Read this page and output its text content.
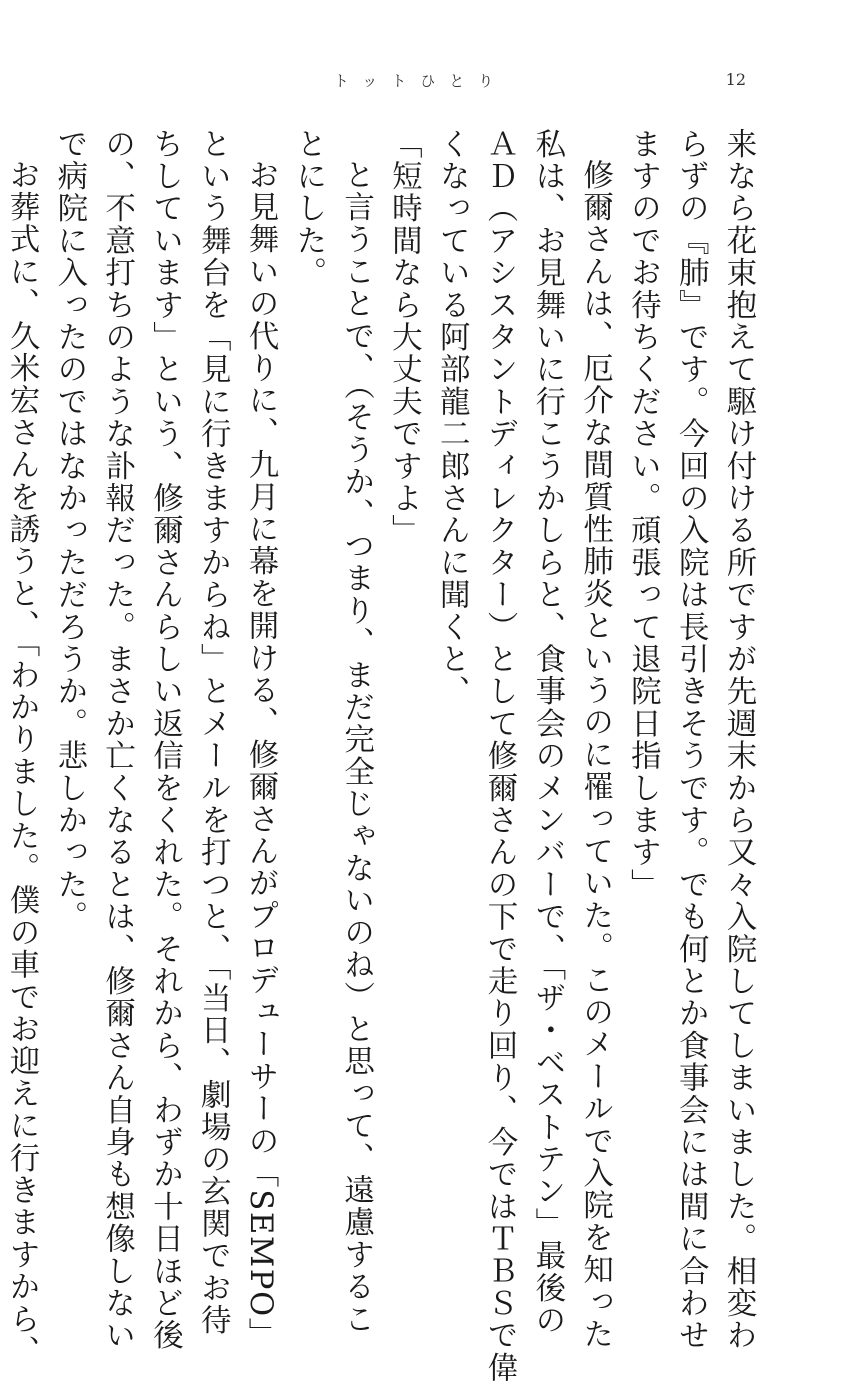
トットひとり	12
来なら花束抱えて駆け付ける所ですが先週末から又々入院してしまいました。相変わ
らずの『肺』です。今回の入院は長引きそうです。でも何とか食事会には間に合わせ
ますのでお待ちください。頑張って退院日指します」
修爾さんは、厄介な間質性肺炎というのに罹っていた。このメールで入院を知った
私は、お見舞いに行こうかしらと、食事会のメンバーで、「ザ・ベストテン」最後の
ＡＤ（アシスタントディレクター）として修爾さんの下で走り回り、今ではＴＢＳで偉
くなっている阿部龍二郎さんに聞くと、
「短時間なら大丈夫ですよ」
と言うことで、（そうか、つまり、まだ完全じゃないのね）と思って、遠慮するこ
とにした。
お見舞いの代りに、九月に幕を開ける、修爾さんがプロデューサーの「SEMPO」
という舞台を「見に行きますからね」とメールを打つと、「当日、劇場の玄関でお待
ちしています」という、修爾さんらしい返信をくれた。それから、わずか十日ほど後
の、不意打ちのような訃報だった。まさか亡くなるとは、修爾さん自身も想像しない
で病院に入ったのではなかっただろうか。悲しかった。
お葬式に、久米宏さんを誘うと、「わかりました。僕の車でお迎えに行きますから、
